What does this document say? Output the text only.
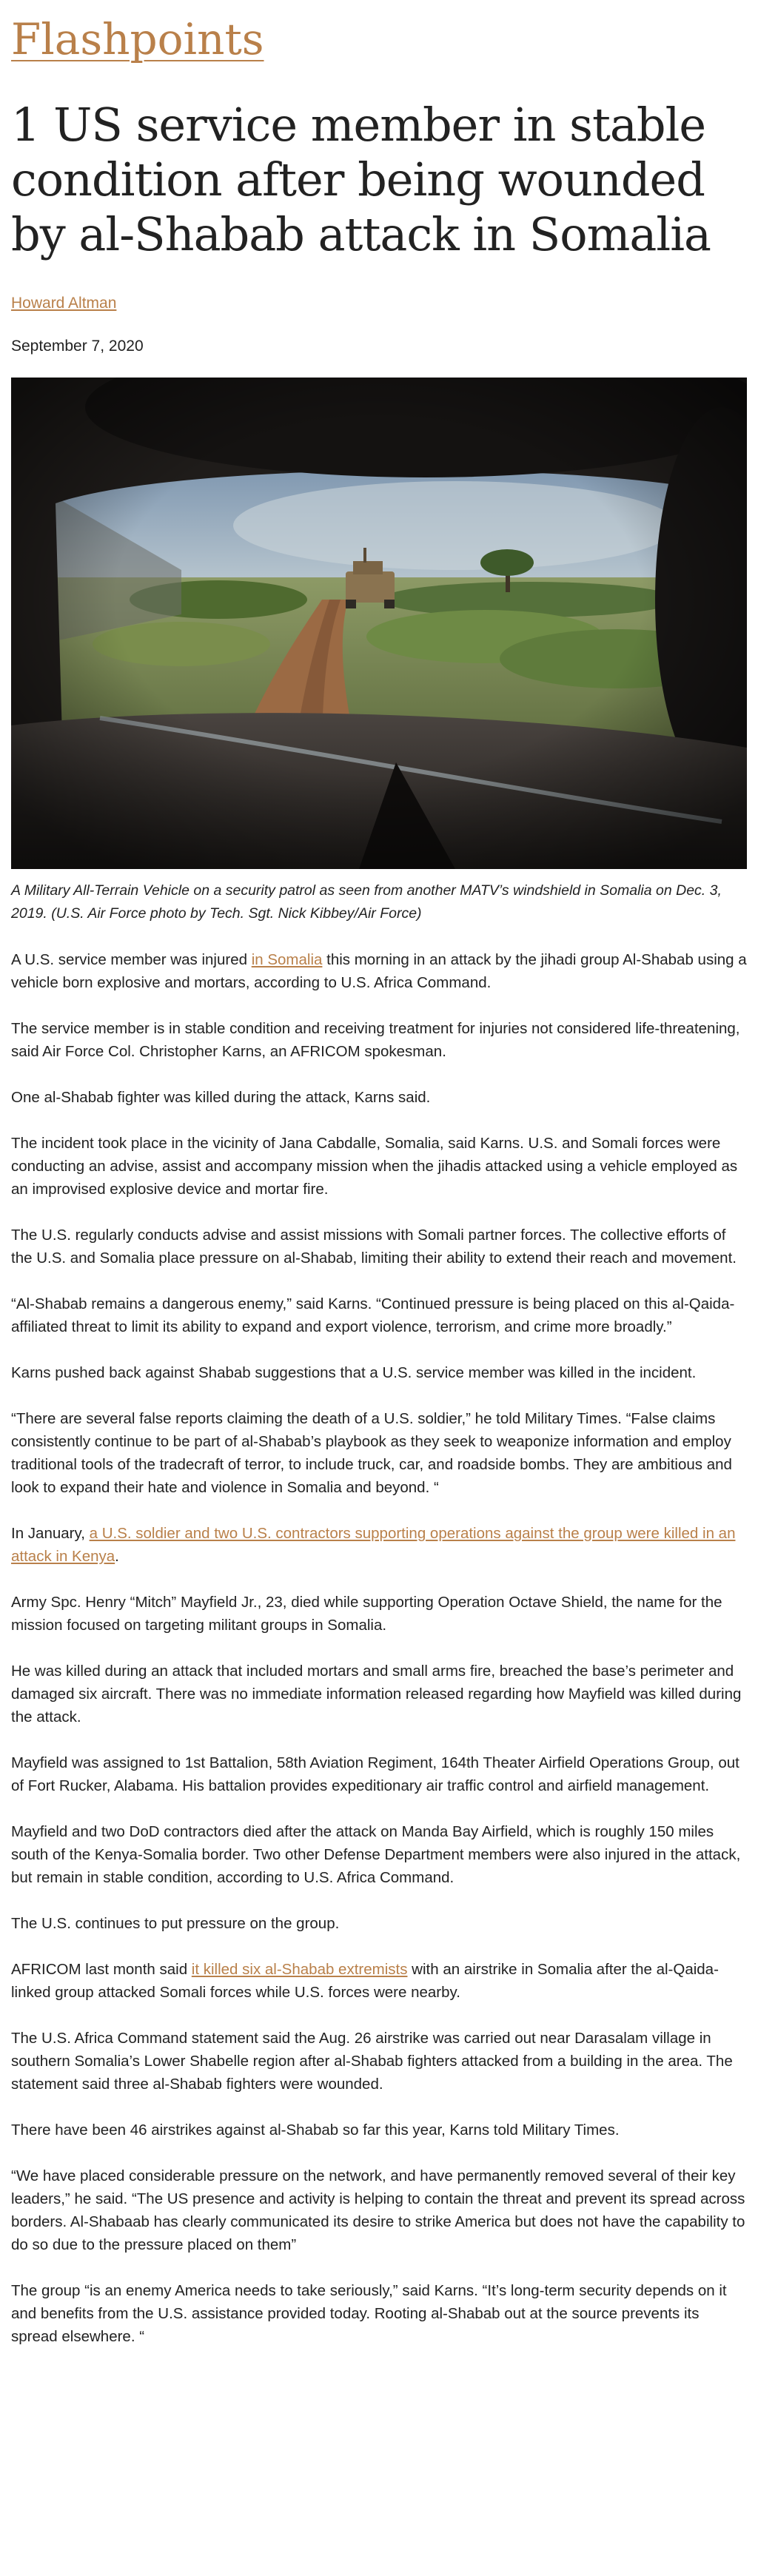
Flashpoints
1 US service member in stable condition after being wounded by al-Shabab attack in Somalia
Howard Altman
September 7, 2020
A Military All-Terrain Vehicle on a security patrol as seen from another MATV’s windshield in Somalia on Dec. 3, 2019. (U.S. Air Force photo by Tech. Sgt. Nick Kibbey/Air Force)

A U.S. service member was injured in Somalia this morning in an attack by the jihadi group Al-Shabab using a vehicle born explosive and mortars, according to U.S. Africa Command.

The service member is in stable condition and receiving treatment for injuries not considered life-threatening, said Air Force Col. Christopher Karns, an AFRICOM spokesman.

One al-Shabab fighter was killed during the attack, Karns said.

The incident took place in the vicinity of Jana Cabdalle, Somalia, said Karns. U.S. and Somali forces were conducting an advise, assist and accompany mission when the jihadis attacked using a vehicle employed as an improvised explosive device and mortar fire.

The U.S. regularly conducts advise and assist missions with Somali partner forces. The collective efforts of the U.S. and Somalia place pressure on al-Shabab, limiting their ability to extend their reach and movement.

“Al-Shabab remains a dangerous enemy,” said Karns. “Continued pressure is being placed on this al-Qaida-affiliated threat to limit its ability to expand and export violence, terrorism, and crime more broadly.”

Karns pushed back against Shabab suggestions that a U.S. service member was killed in the incident.

“There are several false reports claiming the death of a U.S. soldier,” he told Military Times. “False claims consistently continue to be part of al-Shabab’s playbook as they seek to weaponize information and employ traditional tools of the tradecraft of terror, to include truck, car, and roadside bombs. They are ambitious and look to expand their hate and violence in Somalia and beyond. “

In January, a U.S. soldier and two U.S. contractors supporting operations against the group were killed in an attack in Kenya.

Army Spc. Henry “Mitch” Mayfield Jr., 23, died while supporting Operation Octave Shield, the name for the mission focused on targeting militant groups in Somalia.

He was killed during an attack that included mortars and small arms fire, breached the base’s perimeter and damaged six aircraft. There was no immediate information released regarding how Mayfield was killed during the attack.

Mayfield was assigned to 1st Battalion, 58th Aviation Regiment, 164th Theater Airfield Operations Group, out of Fort Rucker, Alabama. His battalion provides expeditionary air traffic control and airfield management.

Mayfield and two DoD contractors died after the attack on Manda Bay Airfield, which is roughly 150 miles south of the Kenya-Somalia border. Two other Defense Department members were also injured in the attack, but remain in stable condition, according to U.S. Africa Command.

The U.S. continues to put pressure on the group.

AFRICOM last month said it killed six al-Shabab extremists with an airstrike in Somalia after the al-Qaida-linked group attacked Somali forces while U.S. forces were nearby.

The U.S. Africa Command statement said the Aug. 26 airstrike was carried out near Darasalam village in southern Somalia’s Lower Shabelle region after al-Shabab fighters attacked from a building in the area. The statement said three al-Shabab fighters were wounded.

There have been 46 airstrikes against al-Shabab so far this year, Karns told Military Times.

“We have placed considerable pressure on the network, and have permanently removed several of their key leaders,” he said. “The US presence and activity is helping to contain the threat and prevent its spread across borders. Al-Shabaab has clearly communicated its desire to strike America but does not have the capability to do so due to the pressure placed on them”

The group “is an enemy America needs to take seriously,” said Karns. “It’s long-term security depends on it and benefits from the U.S. assistance provided today. Rooting al-Shabab out at the source prevents its spread elsewhere. “
